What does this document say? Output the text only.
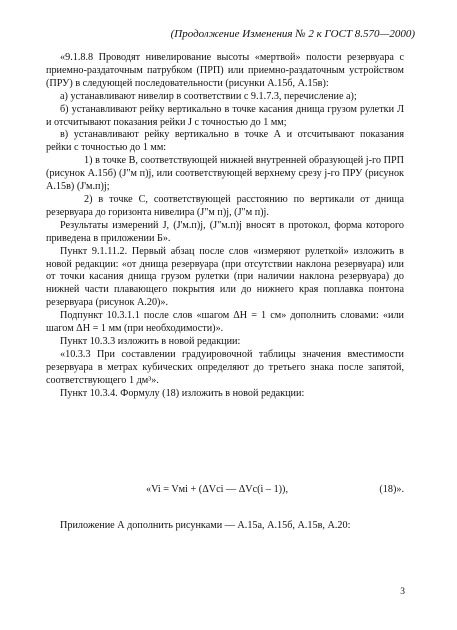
(Продолжение Изменения № 2 к ГОСТ 8.570—2000)

«9.1.8.8 Проводят нивелирование высоты «мертвой» полости резервуара с приемно-раздаточным патрубком (ПРП) или приемно-раздаточным устройством (ПРУ) в следующей последовательности (рисунки А.15б, А.15в):

а) устанавливают нивелир в соответствии с 9.1.7.3, перечисление а);

б) устанавливают рейку вертикально в точке касания днища грузом рулетки Л и отсчитывают показания рейки J с точностью до 1 мм;

в) устанавливают рейку вертикально в точке А и отсчитывают показания рейки с точностью до 1 мм:

1) в точке В, соответствующей нижней внутренней образующей j-го ПРП (рисунок А.15б) (J"м п)j, или соответствующей верхнему срезу j-го ПРУ (рисунок А.15в) (J'м.п)j;

2) в точке С, соответствующей расстоянию по вертикали от днища резервуара до горизонта нивелира (J"м п)j, (J"м п)j.

Результаты измерений J, (J'м.п)j, (J"м.п)j вносят в протокол, форма которого приведена в приложении Б».

Пункт 9.1.11.2. Первый абзац после слов «измеряют рулеткой» изложить в новой редакции: «от днища резервуара (при отсутствии наклона резервуара) или от точки касания днища грузом рулетки (при наличии наклона резервуара) до нижней части плавающего покрытия или до нижнего края поплавка понтона резервуара (рисунок А.20)».

Подпункт 10.3.1.1 после слов «шагом ΔН = 1 см» дополнить словами: «или шагом ΔН = 1 мм (при необходимости)».

Пункт 10.3.3 изложить в новой редакции:

«10.3.3 При составлении градуировочной таблицы значения вместимости резервуара в метрах кубических определяют до третьего знака после запятой, соответствующего 1 дм³».

Пункт 10.3.4. Формулу (18) изложить в новой редакции:

«Vi = Vмi + (ΔVci — ΔVc(i – 1)),	(18)».

Приложение А дополнить рисунками — А.15а, А.15б, А.15в, А.20:

3
